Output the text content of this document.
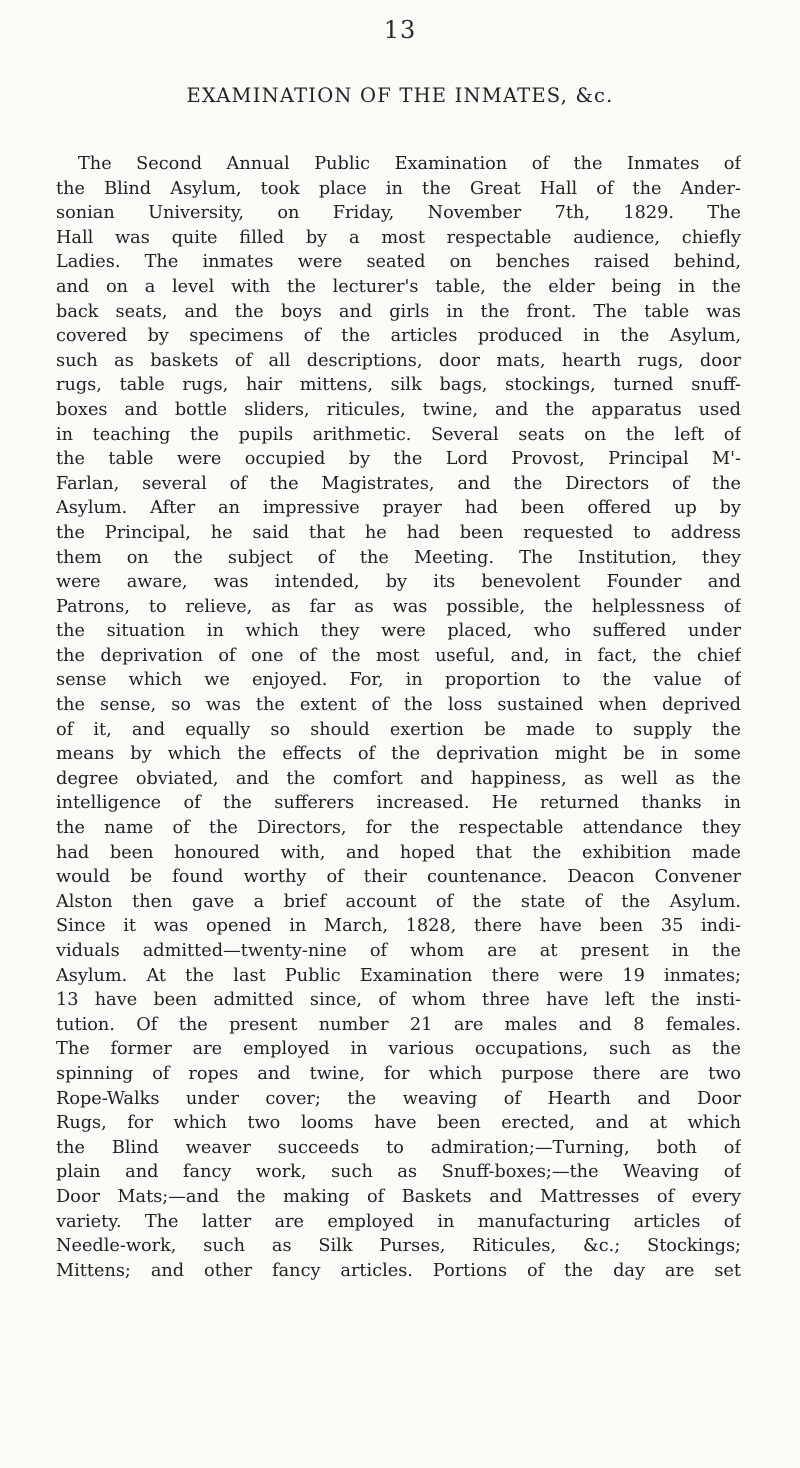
13
EXAMINATION OF THE INMATES, &c.
The Second Annual Public Examination of the Inmates of
the Blind Asylum, took place in the Great Hall of the Ander-
sonian University, on Friday, November 7th, 1829. The
Hall was quite filled by a most respectable audience, chiefly
Ladies. The inmates were seated on benches raised behind,
and on a level with the lecturer's table, the elder being in the
back seats, and the boys and girls in the front. The table was
covered by specimens of the articles produced in the Asylum,
such as baskets of all descriptions, door mats, hearth rugs, door
rugs, table rugs, hair mittens, silk bags, stockings, turned snuff-
boxes and bottle sliders, riticules, twine, and the apparatus used
in teaching the pupils arithmetic. Several seats on the left of
the table were occupied by the Lord Provost, Principal M'-
Farlan, several of the Magistrates, and the Directors of the
Asylum. After an impressive prayer had been offered up by
the Principal, he said that he had been requested to address
them on the subject of the Meeting. The Institution, they
were aware, was intended, by its benevolent Founder and
Patrons, to relieve, as far as was possible, the helplessness of
the situation in which they were placed, who suffered under
the deprivation of one of the most useful, and, in fact, the chief
sense which we enjoyed. For, in proportion to the value of
the sense, so was the extent of the loss sustained when deprived
of it, and equally so should exertion be made to supply the
means by which the effects of the deprivation might be in some
degree obviated, and the comfort and happiness, as well as the
intelligence of the sufferers increased. He returned thanks in
the name of the Directors, for the respectable attendance they
had been honoured with, and hoped that the exhibition made
would be found worthy of their countenance. Deacon Convener
Alston then gave a brief account of the state of the Asylum.
Since it was opened in March, 1828, there have been 35 indi-
viduals admitted—twenty-nine of whom are at present in the
Asylum. At the last Public Examination there were 19 inmates;
13 have been admitted since, of whom three have left the insti-
tution. Of the present number 21 are males and 8 females.
The former are employed in various occupations, such as the
spinning of ropes and twine, for which purpose there are two
Rope-Walks under cover; the weaving of Hearth and Door
Rugs, for which two looms have been erected, and at which
the Blind weaver succeeds to admiration;—Turning, both of
plain and fancy work, such as Snuff-boxes;—the Weaving of
Door Mats;—and the making of Baskets and Mattresses of every
variety. The latter are employed in manufacturing articles of
Needle-work, such as Silk Purses, Riticules, &c.; Stockings;
Mittens; and other fancy articles. Portions of the day are set
